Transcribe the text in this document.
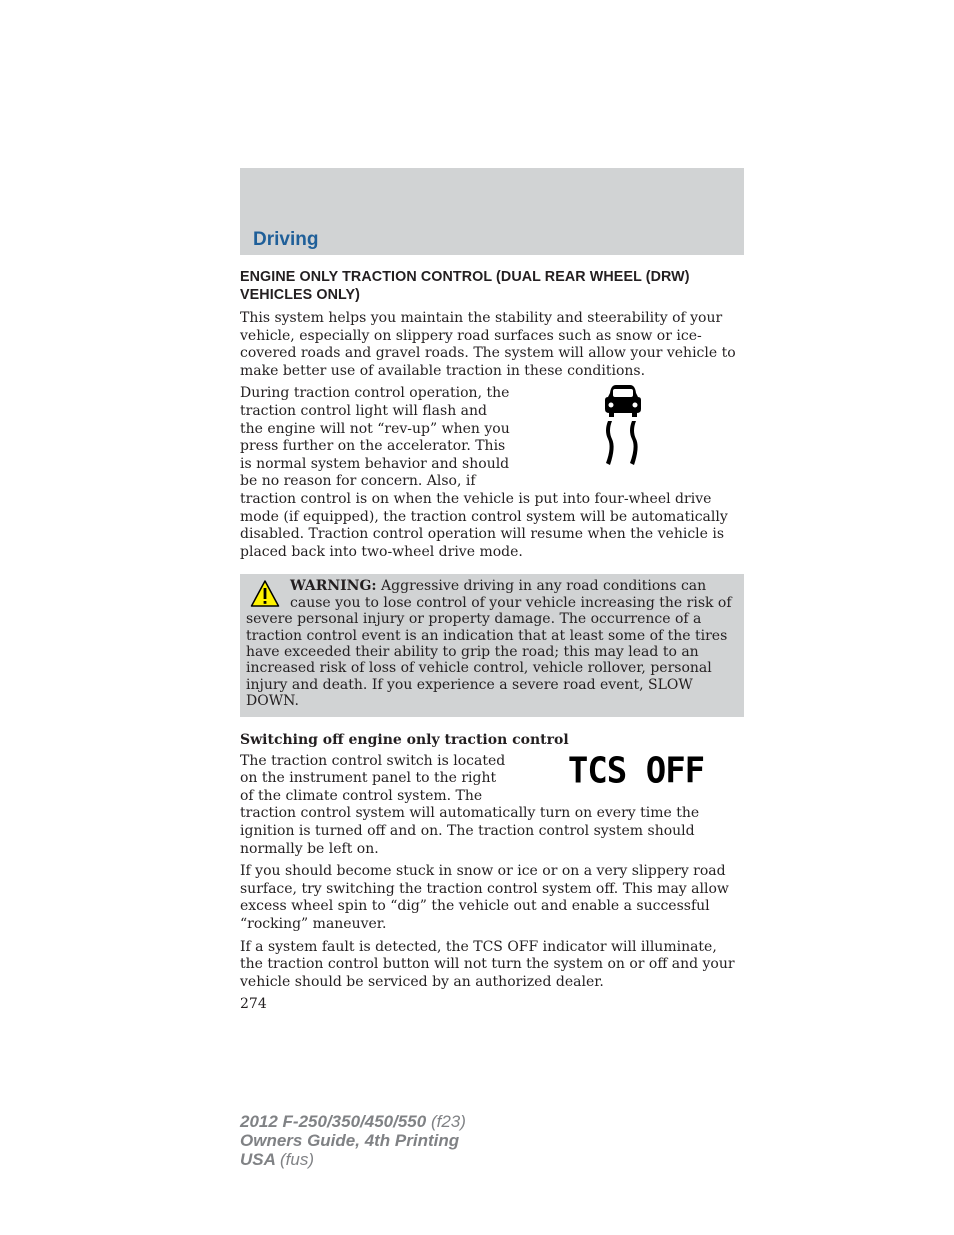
Driving
ENGINE ONLY TRACTION CONTROL (DUAL REAR WHEEL (DRW) VEHICLES ONLY)

This system helps you maintain the stability and steerability of your vehicle, especially on slippery road surfaces such as snow or ice-covered roads and gravel roads. The system will allow your vehicle to make better use of available traction in these conditions.

During traction control operation, the traction control light will flash and the engine will not “rev-up” when you press further on the accelerator. This is normal system behavior and should be no reason for concern. Also, if traction control is on when the vehicle is put into four-wheel drive mode (if equipped), the traction control system will be automatically disabled. Traction control operation will resume when the vehicle is placed back into two-wheel drive mode.

WARNING: Aggressive driving in any road conditions can cause you to lose control of your vehicle increasing the risk of severe personal injury or property damage. The occurrence of a traction control event is an indication that at least some of the tires have exceeded their ability to grip the road; this may lead to an increased risk of loss of vehicle control, vehicle rollover, personal injury and death. If you experience a severe road event, SLOW DOWN.

Switching off engine only traction control
TCS OFF

The traction control switch is located on the instrument panel to the right of the climate control system. The traction control system will automatically turn on every time the ignition is turned off and on. The traction control system should normally be left on.

If you should become stuck in snow or ice or on a very slippery road surface, try switching the traction control system off. This may allow excess wheel spin to “dig” the vehicle out and enable a successful “rocking” maneuver.

If a system fault is detected, the TCS OFF indicator will illuminate, the traction control button will not turn the system on or off and your vehicle should be serviced by an authorized dealer.

274
2012 F-250/350/450/550 (f23)
Owners Guide, 4th Printing
USA (fus)
